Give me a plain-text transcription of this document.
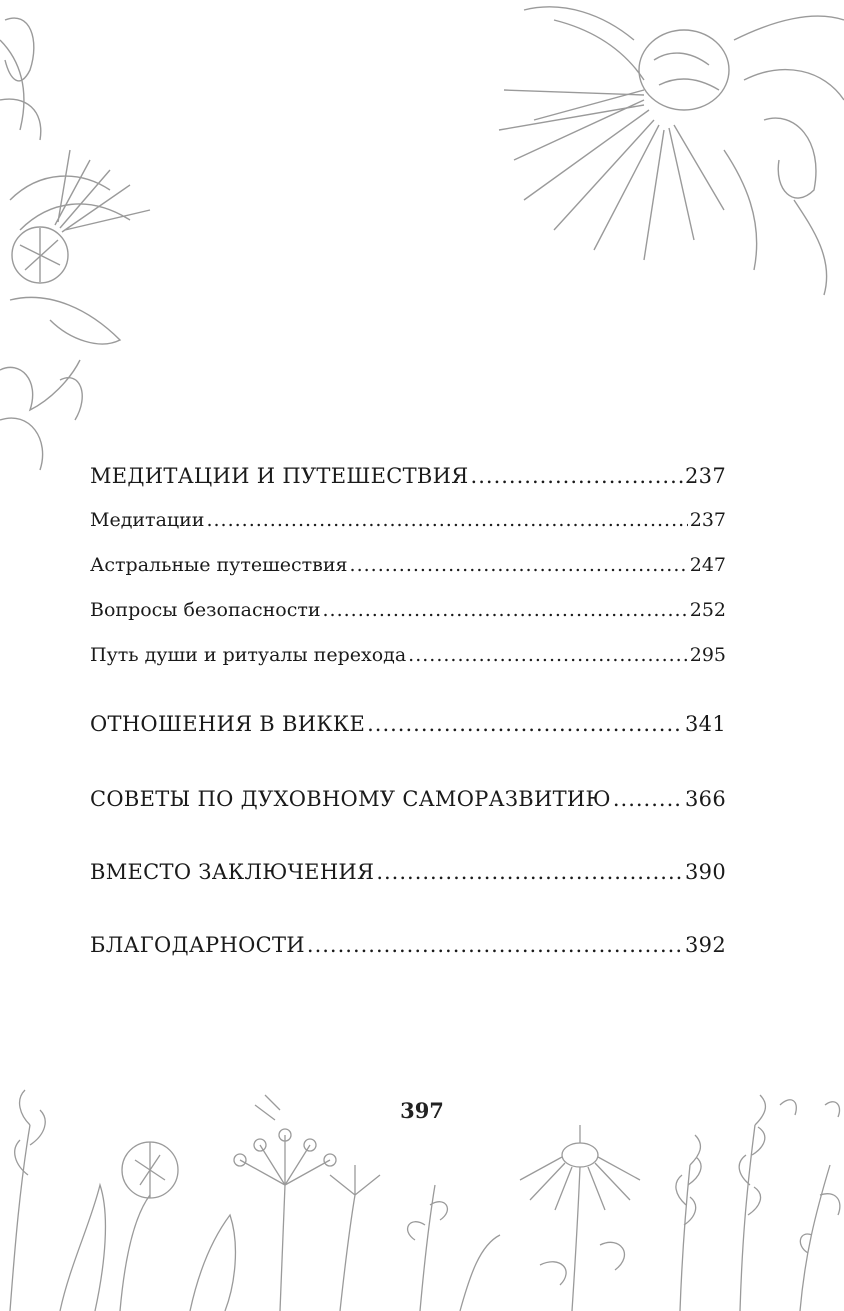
МЕДИТАЦИИ И ПУТЕШЕСТВИЯ .....	237
Медитации .....	237
Астральные путешествия .....	247
Вопросы безопасности .....	252
Путь души и ритуалы перехода .....	295
ОТНОШЕНИЯ В ВИККЕ .....	341
СОВЕТЫ ПО ДУХОВНОМУ САМОРАЗВИТИЮ .....	366
ВМЕСТО ЗАКЛЮЧЕНИЯ .....	390
БЛАГОДАРНОСТИ .....	392
397
